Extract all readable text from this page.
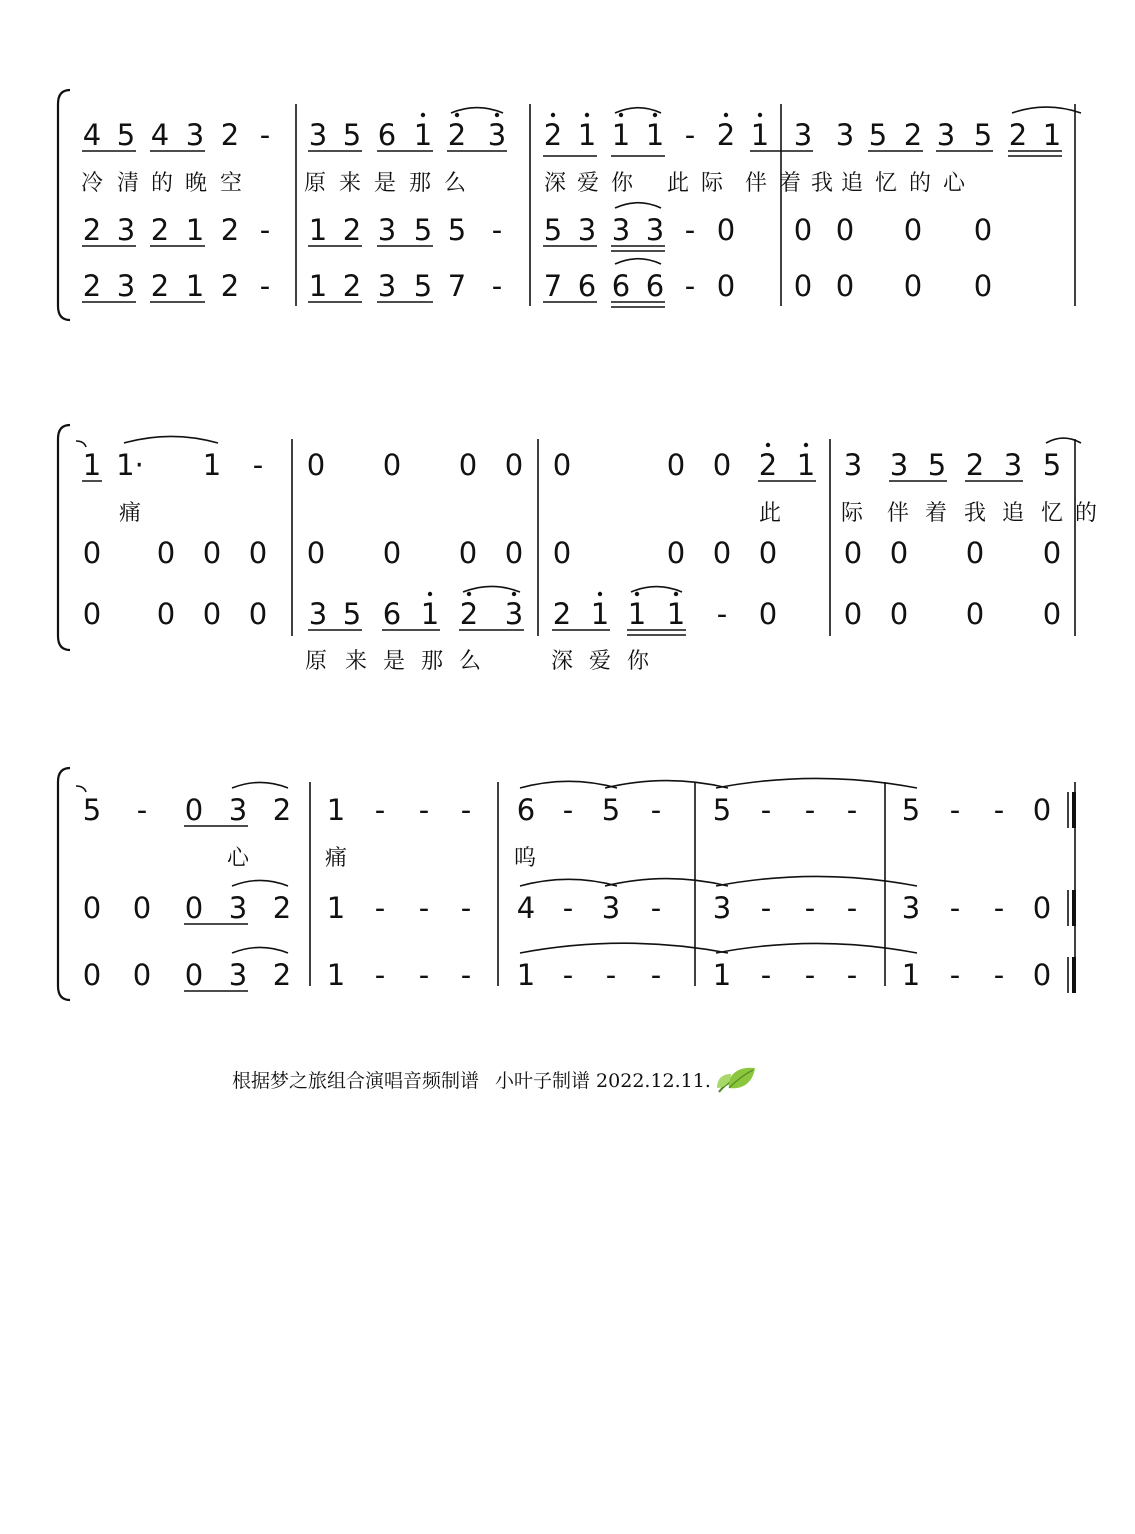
4 5 4 3 2 - 3 5 6 1 2 3 2 1 1 1 - 2 1 3 3 5 2 3 5 2 1
冷 清 的 晚 空	原 来 是 那 么	深 爱 你 此 际 伴 着 我 追 忆 的 心
2 3 2 1 2 - 1 2 3 5 5 - 5 3 3 3 - 0 0 0 0 0
2 3 2 1 2 - 1 2 3 5 7 - 7 6 6 6 - 0 0 0 0 0
1 1· 1 - 0 0 0 0 0	0 0 2 1 3 3 5 2 3 5
痛	此	际 伴 着 我 追 忆 的
0 0 0 0 0 0 0 0 0	0 0 0 0 0 0 0
0 0 0 0 3 5 6 1 2 3 2 1 1 1 - 0 0 0 0 0
原 来 是 那 么	深 爱 你
5 - 0 3 2 1 - - - 6 - 5 - 5 - - - 5 - - 0
心	痛	呜
0 0 0 3 2 1 - - - 4 - 3 - 3 - - - 3 - - 0
0 0 0 3 2 1 - - - 1 - - - 1 - - - 1 - - 0
根据梦之旅组合演唱音频制谱 小叶子制谱 2022.12.11.
